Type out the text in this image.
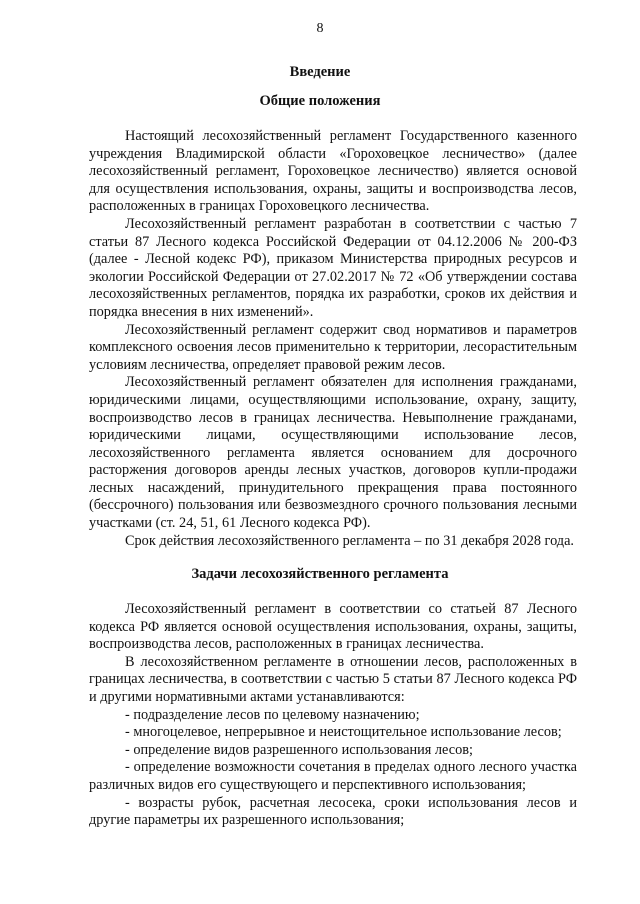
8
Введение
Общие положения

Настоящий лесохозяйственный регламент Государственного казенного учреждения Владимирской области «Гороховецкое лесничество» (далее лесохозяйственный регламент, Гороховецкое лесничество) является основой для осуществления использования, охраны, защиты и воспроизводства лесов, расположенных в границах Гороховецкого лесничества.

Лесохозяйственный регламент разработан в соответствии с частью 7 статьи 87 Лесного кодекса Российской Федерации от 04.12.2006 № 200-ФЗ (далее - Лесной кодекс РФ), приказом Министерства природных ресурсов и экологии Российской Федерации от 27.02.2017 № 72 «Об утверждении состава лесохозяйственных регламентов, порядка их разработки, сроков их действия и порядка внесения в них изменений».

Лесохозяйственный регламент содержит свод нормативов и параметров комплексного освоения лесов применительно к территории, лесорастительным условиям лесничества, определяет правовой режим лесов.

Лесохозяйственный регламент обязателен для исполнения гражданами, юридическими лицами, осуществляющими использование, охрану, защиту, воспроизводство лесов в границах лесничества. Невыполнение гражданами, юридическими лицами, осуществляющими использование лесов, лесохозяйственного регламента является основанием для досрочного расторжения договоров аренды лесных участков, договоров купли-продажи лесных насаждений, принудительного прекращения права постоянного (бессрочного) пользования или безвозмездного срочного пользования лесными участками (ст. 24, 51, 61 Лесного кодекса РФ).

Срок действия лесохозяйственного регламента – по 31 декабря 2028 года.

Задачи лесохозяйственного регламента

Лесохозяйственный регламент в соответствии со статьей 87 Лесного кодекса РФ является основой осуществления использования, охраны, защиты, воспроизводства лесов, расположенных в границах лесничества.

В лесохозяйственном регламенте в отношении лесов, расположенных в границах лесничества, в соответствии с частью 5 статьи 87 Лесного кодекса РФ и другими нормативными актами устанавливаются:

- подразделение лесов по целевому назначению;

- многоцелевое, непрерывное и неистощительное использование лесов;

- определение видов разрешенного использования лесов;

- определение возможности сочетания в пределах одного лесного участка различных видов его существующего и перспективного использования;

- возрасты рубок, расчетная лесосека, сроки использования лесов и другие параметры их разрешенного использования;
